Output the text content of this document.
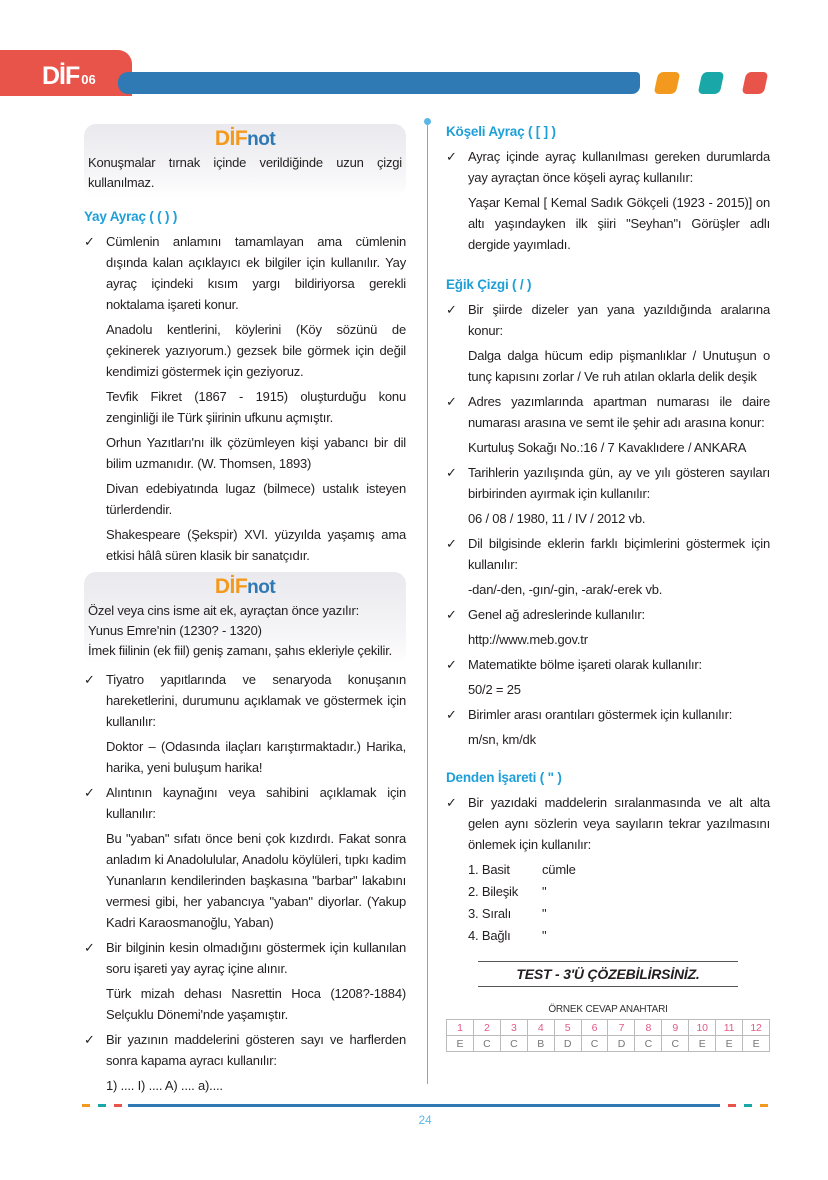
DİF 06
DİFnot
Konuşmalar tırnak içinde verildiğinde uzun çizgi kullanılmaz.
Yay Ayraç ( ( ) )
✓ Cümlenin anlamını tamamlayan ama cümlenin dışında kalan açıklayıcı ek bilgiler için kullanılır. Yay ayraç içindeki kısım yargı bildiriyorsa gerekli noktalama işareti konur.
Anadolu kentlerini, köylerini (Köy sözünü de çekinerek yazıyorum.) gezsek bile görmek için değil kendimizi göstermek için geziyoruz.
Tevfik Fikret (1867 - 1915) oluşturduğu konu zenginliği ile Türk şiirinin ufkunu açmıştır.
Orhun Yazıtları'nı ilk çözümleyen kişi yabancı bir dil bilim uzmanıdır. (W. Thomsen, 1893)
Divan edebiyatında lugaz (bilmece) ustalık isteyen türlerdendir.
Shakespeare (Şekspir) XVI. yüzyılda yaşamış ama etkisi hâlâ süren klasik bir sanatçıdır.
DİFnot
Özel veya cins isme ait ek, ayraçtan önce yazılır:
Yunus Emre'nin (1230? - 1320)
İmek fiilinin (ek fiil) geniş zamanı, şahıs ekleriyle çekilir.
✓ Tiyatro yapıtlarında ve senaryoda konuşanın hareketlerini, durumunu açıklamak ve göstermek için kullanılır:
Doktor – (Odasında ilaçları karıştırmaktadır.) Harika, harika, yeni buluşum harika!
✓ Alıntının kaynağını veya sahibini açıklamak için kullanılır:
Bu "yaban" sıfatı önce beni çok kızdırdı. Fakat sonra anladım ki Anadolulular, Anadolu köylüleri, tıpkı kadim Yunanların kendilerinden başkasına "barbar" lakabını vermesi gibi, her yabancıya "yaban" diyorlar. (Yakup Kadri Karaosmanoğlu, Yaban)
✓ Bir bilginin kesin olmadığını göstermek için kullanılan soru işareti yay ayraç içine alınır.
Türk mizah dehası Nasrettin Hoca (1208?-1884) Selçuklu Dönemi'nde yaşamıştır.
✓ Bir yazının maddelerini gösteren sayı ve harflerden sonra kapama ayracı kullanılır:
1) .... I) .... A) .... a)....
Köşeli Ayraç ( [ ] )
✓ Ayraç içinde ayraç kullanılması gereken durumlarda yay ayraçtan önce köşeli ayraç kullanılır:
Yaşar Kemal [ Kemal Sadık Gökçeli (1923 - 2015)] on altı yaşındayken ilk şiiri "Seyhan"ı Görüşler adlı dergide yayımladı.
Eğik Çizgi ( / )
✓ Bir şiirde dizeler yan yana yazıldığında aralarına konur:
Dalga dalga hücum edip pişmanlıklar / Unutuşun o tunç kapısını zorlar / Ve ruh atılan oklarla delik deşik
✓ Adres yazımlarında apartman numarası ile daire numarası arasına ve semt ile şehir adı arasına konur:
Kurtuluş Sokağı No.:16 / 7 Kavaklıdere / ANKARA
✓ Tarihlerin yazılışında gün, ay ve yılı gösteren sayıları birbirinden ayırmak için kullanılır:
06 / 08 / 1980, 11 / IV / 2012 vb.
✓ Dil bilgisinde eklerin farklı biçimlerini göstermek için kullanılır:
-dan/-den, -gın/-gin, -arak/-erek vb.
✓ Genel ağ adreslerinde kullanılır:
http://www.meb.gov.tr
✓ Matematikte bölme işareti olarak kullanılır:
50/2 = 25
✓ Birimler arası orantıları göstermek için kullanılır:
m/sn, km/dk
Denden İşareti ( " )
✓ Bir yazıdaki maddelerin sıralanmasında ve alt alta gelen aynı sözlerin veya sayıların tekrar yazılmasını önlemek için kullanılır:
1. Basit cümle
2. Bileşik "
3. Sıralı "
4. Bağlı "
TEST - 3'Ü ÇÖZEBİLİRSİNİZ.
ÖRNEK CEVAP ANAHTARI
1	2	3	4	5	6	7	8	9	10	11	12
E	C	C	B	D	C	D	C	C	E	E	E
24
